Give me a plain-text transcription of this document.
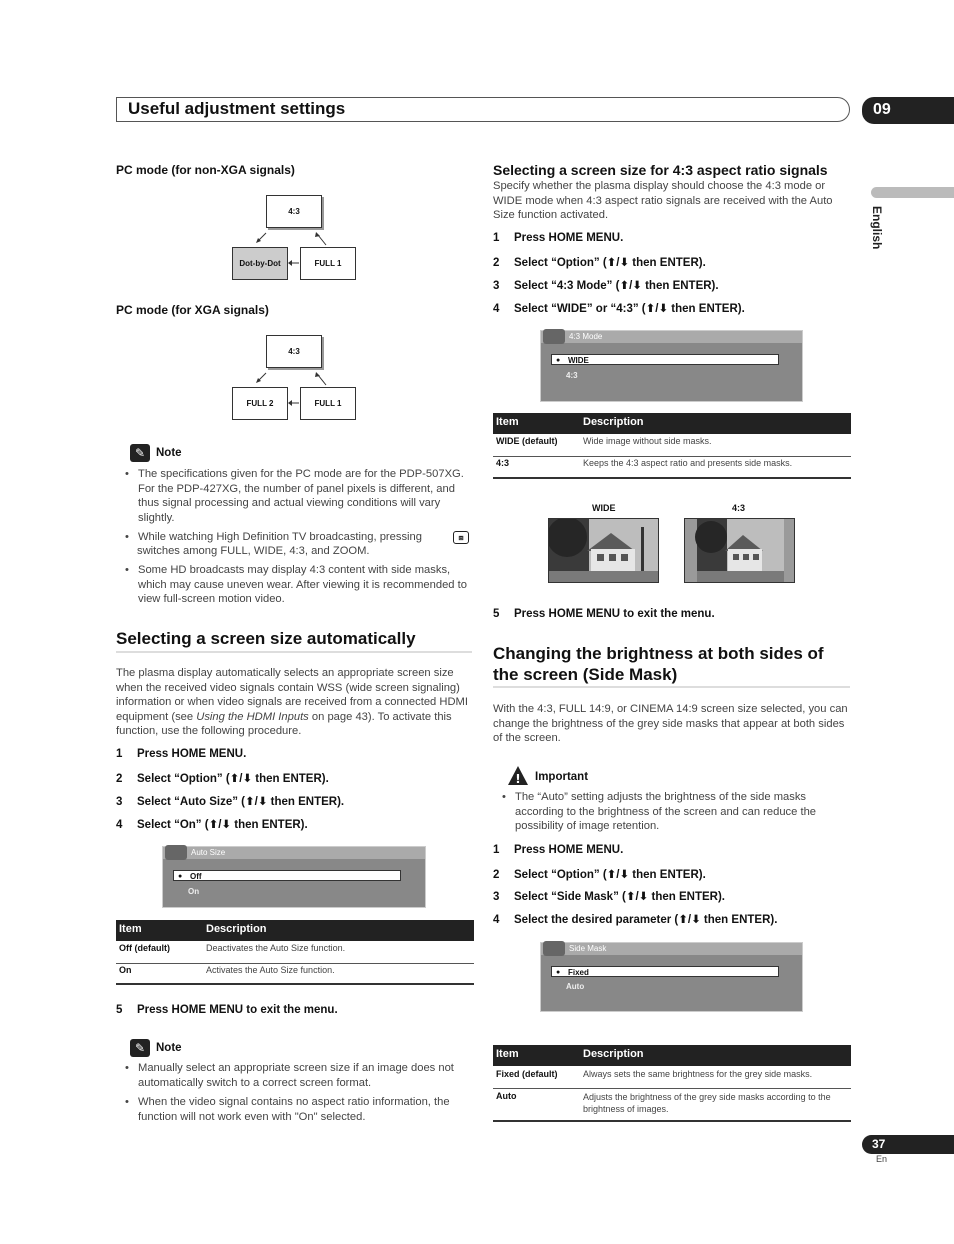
Useful adjustment settings	09
English
PC mode (for non-XGA signals)
4:3
Dot-by-Dot	FULL 1
PC mode (for XGA signals)
4:3
FULL 2	FULL 1
✎ Note
• The specifications given for the PC mode are for the PDP-507XG. For the PDP-427XG, the number of panel pixels is different, and thus signal processing and actual viewing conditions will vary slightly.
• While watching High Definition TV broadcasting, pressing	⧈
switches among FULL, WIDE, 4:3, and ZOOM.
• Some HD broadcasts may display 4:3 content with side masks, which may cause uneven wear. After viewing it is recommended to view full-screen motion video.
Selecting a screen size automatically
The plasma display automatically selects an appropriate screen size when the received video signals contain WSS (wide screen signaling) information or when video signals are received from a connected HDMI equipment (see Using the HDMI Inputs on page 43). To activate this function, use the following procedure.
1 Press HOME MENU.
2 Select “Option” (⬆/⬇ then ENTER).
3 Select “Auto Size” (⬆/⬇ then ENTER).
4 Select “On” (⬆/⬇ then ENTER).
Auto Size
● Off
On
Item	Description
Off (default)	Deactivates the Auto Size function.
On	Activates the Auto Size function.
5 Press HOME MENU to exit the menu.
✎ Note
• Manually select an appropriate screen size if an image does not automatically switch to a correct screen format.
• When the video signal contains no aspect ratio information, the function will not work even with "On" selected.
Selecting a screen size for 4:3 aspect ratio signals
Specify whether the plasma display should choose the 4:3 mode or WIDE mode when 4:3 aspect ratio signals are received with the Auto Size function activated.
1 Press HOME MENU.
2 Select “Option” (⬆/⬇ then ENTER).
3 Select “4:3 Mode” (⬆/⬇ then ENTER).
4 Select “WIDE” or “4:3” (⬆/⬇ then ENTER).
4:3 Mode
● WIDE
4:3
Item	Description
WIDE (default)	Wide image without side masks.
4:3	Keeps the 4:3 aspect ratio and presents side masks.
WIDE	4:3
5 Press HOME MENU to exit the menu.
Changing the brightness at both sides of
the screen (Side Mask)
With the 4:3, FULL 14:9, or CINEMA 14:9 screen size selected, you can change the brightness of the grey side masks that appear at both sides of the screen.
! Important
• The “Auto” setting adjusts the brightness of the side masks according to the brightness of the screen and can reduce the possibility of image retention.
1 Press HOME MENU.
2 Select “Option” (⬆/⬇ then ENTER).
3 Select “Side Mask” (⬆/⬇ then ENTER).
4 Select the desired parameter (⬆/⬇ then ENTER).
Side Mask
● Fixed
Auto
Item	Description
Fixed (default)	Always sets the same brightness for the grey side masks.
Auto	Adjusts the brightness of the grey side masks according to the brightness of images.
37
En
